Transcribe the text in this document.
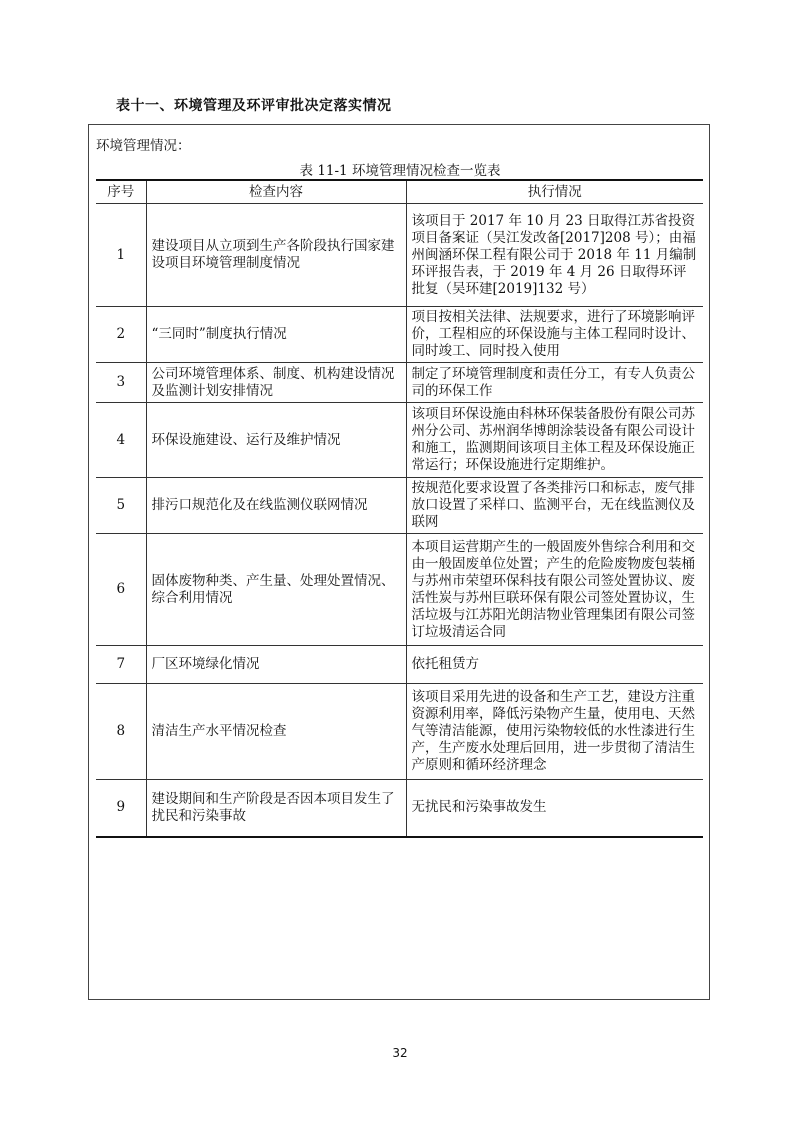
表十一、环境管理及环评审批决定落实情况
环境管理情况：
表 11-1 环境管理情况检查一览表
序号	检查内容	执行情况
1	建设项目从立项到生产各阶段执行国家建设项目环境管理制度情况	该项目于 2017 年 10 月 23 日取得江苏省投资项目备案证（吴江发改备[2017]208 号）；由福州闽涵环保工程有限公司于 2018 年 11 月编制环评报告表，于 2019 年 4 月 26 日取得环评批复（吴环建[2019]132 号）
2	“三同时”制度执行情况	项目按相关法律、法规要求，进行了环境影响评价，工程相应的环保设施与主体工程同时设计、同时竣工、同时投入使用
3	公司环境管理体系、制度、机构建设情况及监测计划安排情况	制定了环境管理制度和责任分工，有专人负责公司的环保工作
4	环保设施建设、运行及维护情况	该项目环保设施由科林环保装备股份有限公司苏州分公司、苏州润华博朗涂装设备有限公司设计和施工，监测期间该项目主体工程及环保设施正常运行；环保设施进行定期维护。
5	排污口规范化及在线监测仪联网情况	按规范化要求设置了各类排污口和标志，废气排放口设置了采样口、监测平台，无在线监测仪及联网
6	固体废物种类、产生量、处理处置情况、综合利用情况	本项目运营期产生的一般固废外售综合利用和交由一般固废单位处置；产生的危险废物废包装桶与苏州市荣望环保科技有限公司签处置协议、废活性炭与苏州巨联环保有限公司签处置协议，生活垃圾与江苏阳光朗洁物业管理集团有限公司签订垃圾清运合同
7	厂区环境绿化情况	依托租赁方
8	清洁生产水平情况检查	该项目采用先进的设备和生产工艺，建设方注重资源利用率，降低污染物产生量，使用电、天然气等清洁能源，使用污染物较低的水性漆进行生产，生产废水处理后回用，进一步贯彻了清洁生产原则和循环经济理念
9	建设期间和生产阶段是否因本项目发生了扰民和污染事故	无扰民和污染事故发生
32
